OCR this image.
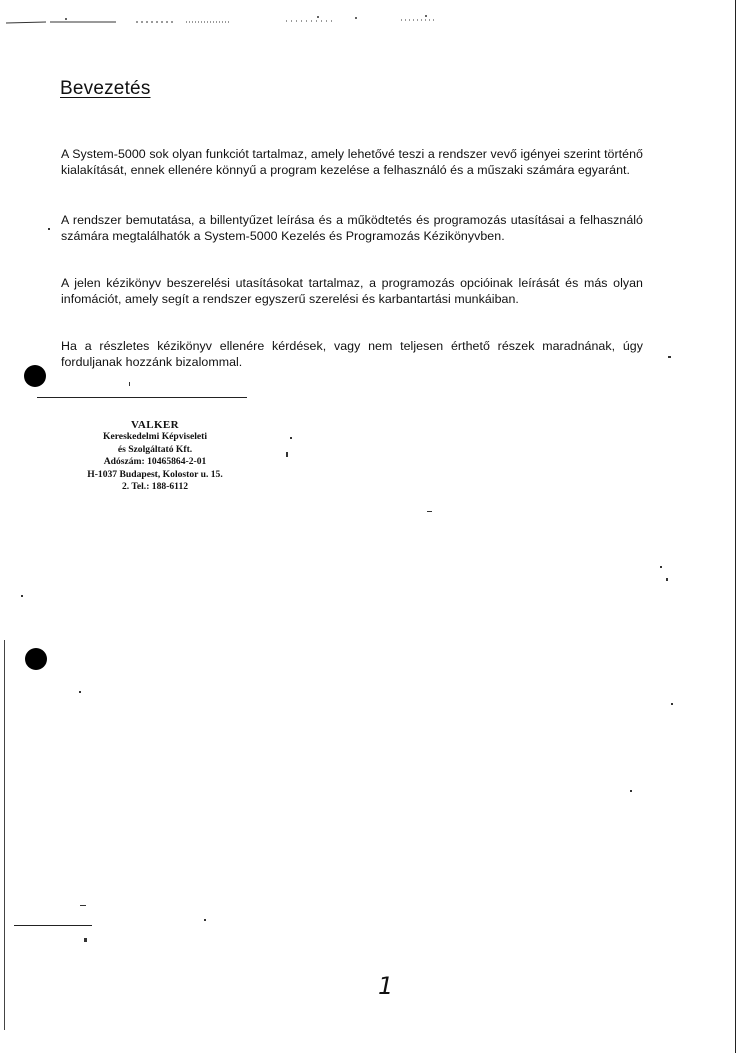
Bevezetés
A System-5000 sok olyan funkciót tartalmaz, amely lehetővé teszi a rendszer vevő igényei szerint történő kialakítását, ennek ellenére könnyű a program kezelése a felhasználó és a műszaki számára egyaránt.
A rendszer bemutatása, a billentyűzet leírása és a működtetés és programozás utasításai a felhasználó számára megtalálhatók a System-5000 Kezelés és Programozás Kézikönyvben.
A jelen kézikönyv beszerelési utasításokat tartalmaz, a programozás opcióinak leírását és más olyan infomációt, amely segít a rendszer egyszerű szerelési és karbantartási munkáiban.
Ha a részletes kézikönyv ellenére kérdések, vagy nem teljesen érthető részek maradnának, úgy forduljanak hozzánk bizalommal.
VALKER
Kereskedelmi Képviseleti
és Szolgáltató Kft.
Adószám: 10465864-2-01
H-1037 Budapest, Kolostor u. 15.
2. Tel.: 188-6112
1
